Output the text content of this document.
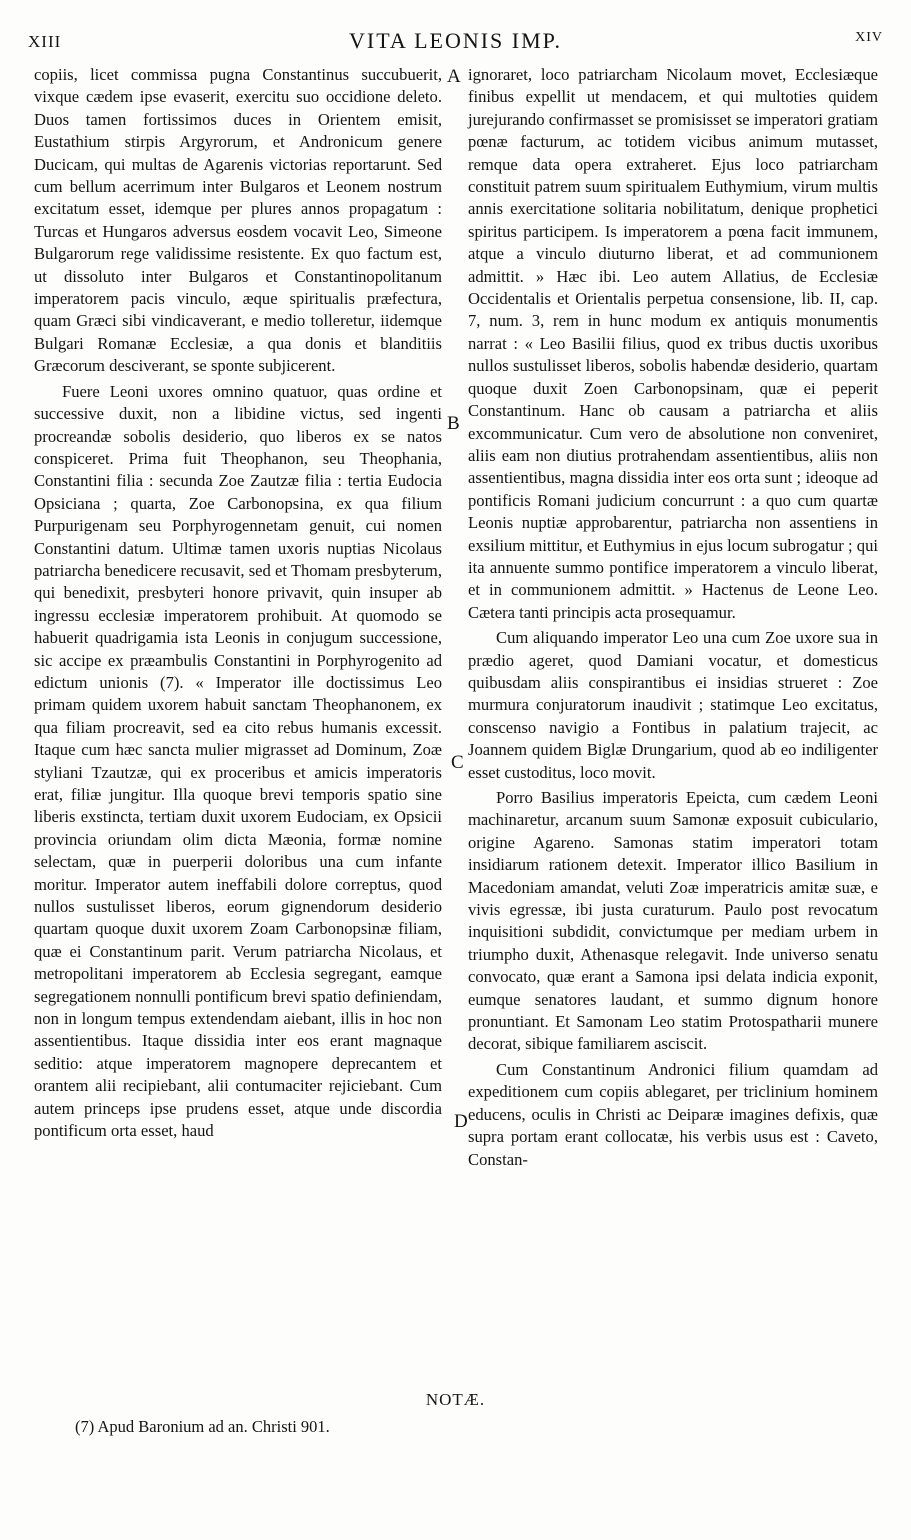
XIII	VITA LEONIS IMP.	XIV

copiis, licet commissa pugna Constantinus succubuerit, vixque cædem ipse evaserit, exercitu suo occidione deleto. Duos tamen fortissimos duces in Orientem emisit, Eustathium stirpis Argyrorum, et Andronicum genere Ducicam, qui multas de Agarenis victorias reportarunt. Sed cum bellum acerrimum inter Bulgaros et Leonem nostrum excitatum esset, idemque per plures annos propagatum : Turcas et Hungaros adversus eosdem vocavit Leo, Simeone Bulgarorum rege validissime resistente. Ex quo factum est, ut dissoluto inter Bulgaros et Constantinopolitanum imperatorem pacis vinculo, æque spiritualis præfectura, quam Græci sibi vindicaverant, e medio tolleretur, iidemque Bulgari Romanæ Ecclesiæ, a qua donis et blanditiis Græcorum desciverant, se sponte subjicerent.

Fuere Leoni uxores omnino quatuor, quas ordine et successive duxit, non a libidine victus, sed ingenti procreandæ sobolis desiderio, quo liberos ex se natos conspiceret. Prima fuit Theophanon, seu Theophania, Constantini filia : secunda Zoe Zautzæ filia : tertia Eudocia Opsiciana ; quarta, Zoe Carbonopsina, ex qua filium Purpurigenam seu Porphyrogennetam genuit, cui nomen Constantini datum. Ultimæ tamen uxoris nuptias Nicolaus patriarcha benedicere recusavit, sed et Thomam presbyterum, qui benedixit, presbyteri honore privavit, quin insuper ab ingressu ecclesiæ imperatorem prohibuit. At quomodo se habuerit quadrigamia ista Leonis in conjugum successione, sic accipe ex præambulis Constantini in Porphyrogenito ad edictum unionis (7). « Imperator ille doctissimus Leo primam quidem uxorem habuit sanctam Theophanonem, ex qua filiam procreavit, sed ea cito rebus humanis excessit. Itaque cum hæc sancta mulier migrasset ad Dominum, Zoæ styliani Tzautzæ, qui ex proceribus et amicis imperatoris erat, filiæ jungitur. Illa quoque brevi temporis spatio sine liberis exstincta, tertiam duxit uxorem Eudociam, ex Opsicii provincia oriundam olim dicta Mæonia, formæ nomine selectam, quæ in puerperii doloribus una cum infante moritur. Imperator autem ineffabili dolore correptus, quod nullos sustulisset liberos, eorum gignendorum desiderio quartam quoque duxit uxorem Zoam Carbonopsinæ filiam, quæ ei Constantinum parit. Verum patriarcha Nicolaus, et metropolitani imperatorem ab Ecclesia segregant, eamque segregationem nonnulli pontificum brevi spatio definiendam, non in longum tempus extendendam aiebant, illis in hoc non assentientibus. Itaque dissidia inter eos erant magnaque seditio: atque imperatorem magnopere deprecantem et orantem alii recipiebant, alii contumaciter rejiciebant. Cum autem princeps ipse prudens esset, atque unde discordia pontificum orta esset, haud

A
B
C
D

ignoraret, loco patriarcham Nicolaum movet, Ecclesiæque finibus expellit ut mendacem, et qui multoties quidem jurejurando confirmasset se promisisset se imperatori gratiam pœnæ facturum, ac totidem vicibus animum mutasset, remque data opera extraheret. Ejus loco patriarcham constituit patrem suum spiritualem Euthymium, virum multis annis exercitatione solitaria nobilitatum, denique prophetici spiritus participem. Is imperatorem a pœna facit immunem, atque a vinculo diuturno liberat, et ad communionem admittit. » Hæc ibi. Leo autem Allatius, de Ecclesiæ Occidentalis et Orientalis perpetua consensione, lib. II, cap. 7, num. 3, rem in hunc modum ex antiquis monumentis narrat : « Leo Basilii filius, quod ex tribus ductis uxoribus nullos sustulisset liberos, sobolis habendæ desiderio, quartam quoque duxit Zoen Carbonopsinam, quæ ei peperit Constantinum. Hanc ob causam a patriarcha et aliis excommunicatur. Cum vero de absolutione non conveniret, aliis eam non diutius protrahendam assentientibus, aliis non assentientibus, magna dissidia inter eos orta sunt ; ideoque ad pontificis Romani judicium concurrunt : a quo cum quartæ Leonis nuptiæ approbarentur, patriarcha non assentiens in exsilium mittitur, et Euthymius in ejus locum subrogatur ; qui ita annuente summo pontifice imperatorem a vinculo liberat, et in communionem admittit. » Hactenus de Leone Leo. Cætera tanti principis acta prosequamur.

Cum aliquando imperator Leo una cum Zoe uxore sua in prædio ageret, quod Damiani vocatur, et domesticus quibusdam aliis conspirantibus ei insidias strueret : Zoe murmura conjuratorum inaudivit ; statimque Leo excitatus, conscenso navigio a Fontibus in palatium trajecit, ac Joannem quidem Biglæ Drungarium, quod ab eo indiligenter esset custoditus, loco movit.

Porro Basilius imperatoris Epeicta, cum cædem Leoni machinaretur, arcanum suum Samonæ exposuit cubiculario, origine Agareno. Samonas statim imperatori totam insidiarum rationem detexit. Imperator illico Basilium in Macedoniam amandat, veluti Zoæ imperatricis amitæ suæ, e vivis egressæ, ibi justa curaturum. Paulo post revocatum inquisitioni subdidit, convictumque per mediam urbem in triumpho duxit, Athenasque relegavit. Inde universo senatu convocato, quæ erant a Samona ipsi delata indicia exponit, eumque senatores laudant, et summo dignum honore pronuntiant. Et Samonam Leo statim Protospatharii munere decorat, sibique familiarem asciscit.

Cum Constantinum Andronici filium quamdam ad expeditionem cum copiis ablegaret, per triclinium hominem educens, oculis in Christi ac Deiparæ imagines defixis, quæ supra portam erant collocatæ, his verbis usus est : Caveto, Constan-

NOTÆ.
(7) Apud Baronium ad an. Christi 901.
